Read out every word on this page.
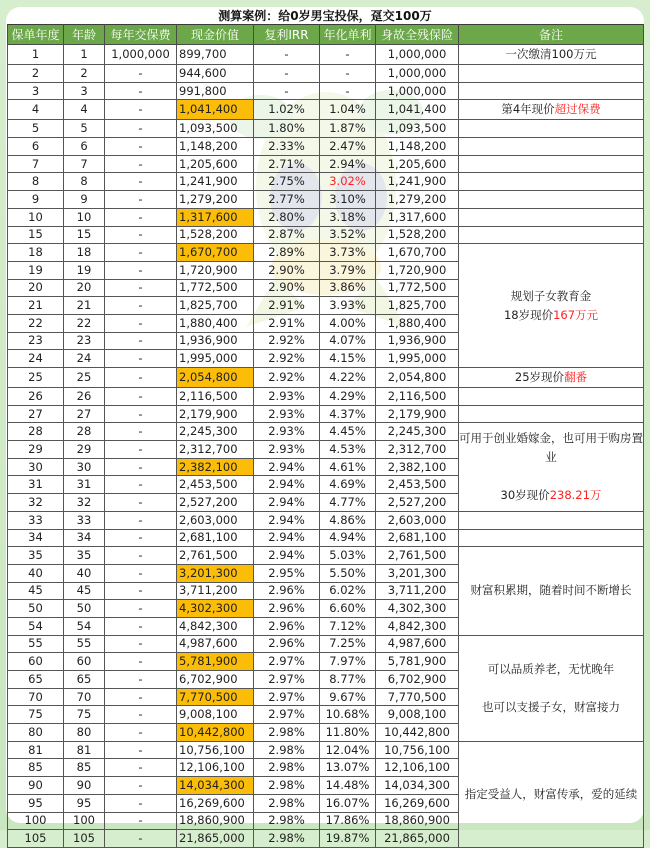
测算案例：给0岁男宝投保，趸交100万
保单年度	年龄	每年交保费	现金价值	复利IRR	年化单利	身故全残保险	备注
1	1	1,000,000	899,700	-	-	1,000,000	一次缴清100万元
2	2	-	944,600	-	-	1,000,000	
3	3	-	991,800	-	-	1,000,000	
4	4	-	1,041,400	1.02%	1.04%	1,041,400	第4年现价超过保费
5	5	-	1,093,500	1.80%	1.87%	1,093,500	
6	6	-	1,148,200	2.33%	2.47%	1,148,200	
7	7	-	1,205,600	2.71%	2.94%	1,205,600	
8	8	-	1,241,900	2.75%	3.02%	1,241,900	
9	9	-	1,279,200	2.77%	3.10%	1,279,200	
10	10	-	1,317,600	2.80%	3.18%	1,317,600	
15	15	-	1,528,200	2.87%	3.52%	1,528,200	
18	18	-	1,670,700	2.89%	3.73%	1,670,700	规划子女教育金
18岁现价167万元
19	19	-	1,720,900	2.90%	3.79%	1,720,900	
20	20	-	1,772,500	2.90%	3.86%	1,772,500	
21	21	-	1,825,700	2.91%	3.93%	1,825,700	
22	22	-	1,880,400	2.91%	4.00%	1,880,400	
23	23	-	1,936,900	2.92%	4.07%	1,936,900	
24	24	-	1,995,000	2.92%	4.15%	1,995,000	
25	25	-	2,054,800	2.92%	4.22%	2,054,800	25岁现价翻番
26	26	-	2,116,500	2.93%	4.29%	2,116,500	
27	27	-	2,179,900	2.93%	4.37%	2,179,900	
28	28	-	2,245,300	2.93%	4.45%	2,245,300	可用于创业婚嫁金，也可用于购房置业

30岁现价238.21万
29	29	-	2,312,700	2.93%	4.53%	2,312,700	
30	30	-	2,382,100	2.94%	4.61%	2,382,100	
31	31	-	2,453,500	2.94%	4.69%	2,453,500	
32	32	-	2,527,200	2.94%	4.77%	2,527,200	
33	33	-	2,603,000	2.94%	4.86%	2,603,000	
34	34	-	2,681,100	2.94%	4.94%	2,681,100	
35	35	-	2,761,500	2.94%	5.03%	2,761,500	财富积累期，随着时间不断增长
40	40	-	3,201,300	2.95%	5.50%	3,201,300	
45	45	-	3,711,200	2.96%	6.02%	3,711,200	
50	50	-	4,302,300	2.96%	6.60%	4,302,300	
54	54	-	4,842,300	2.96%	7.12%	4,842,300	
55	55	-	4,987,600	2.96%	7.25%	4,987,600	可以品质养老，无忧晚年

也可以支援子女，财富接力
60	60	-	5,781,900	2.97%	7.97%	5,781,900	
65	65	-	6,702,900	2.97%	8.77%	6,702,900	
70	70	-	7,770,500	2.97%	9.67%	7,770,500	
75	75	-	9,008,100	2.97%	10.68%	9,008,100	
80	80	-	10,442,800	2.98%	11.80%	10,442,800	
81	81	-	10,756,100	2.98%	12.04%	10,756,100	指定受益人，财富传承，爱的延续
85	85	-	12,106,100	2.98%	13.07%	12,106,100	
90	90	-	14,034,300	2.98%	14.48%	14,034,300	
95	95	-	16,269,600	2.98%	16.07%	16,269,600	
100	100	-	18,860,900	2.98%	17.86%	18,860,900	
105	105	-	21,865,000	2.98%	19.87%	21,865,000	
